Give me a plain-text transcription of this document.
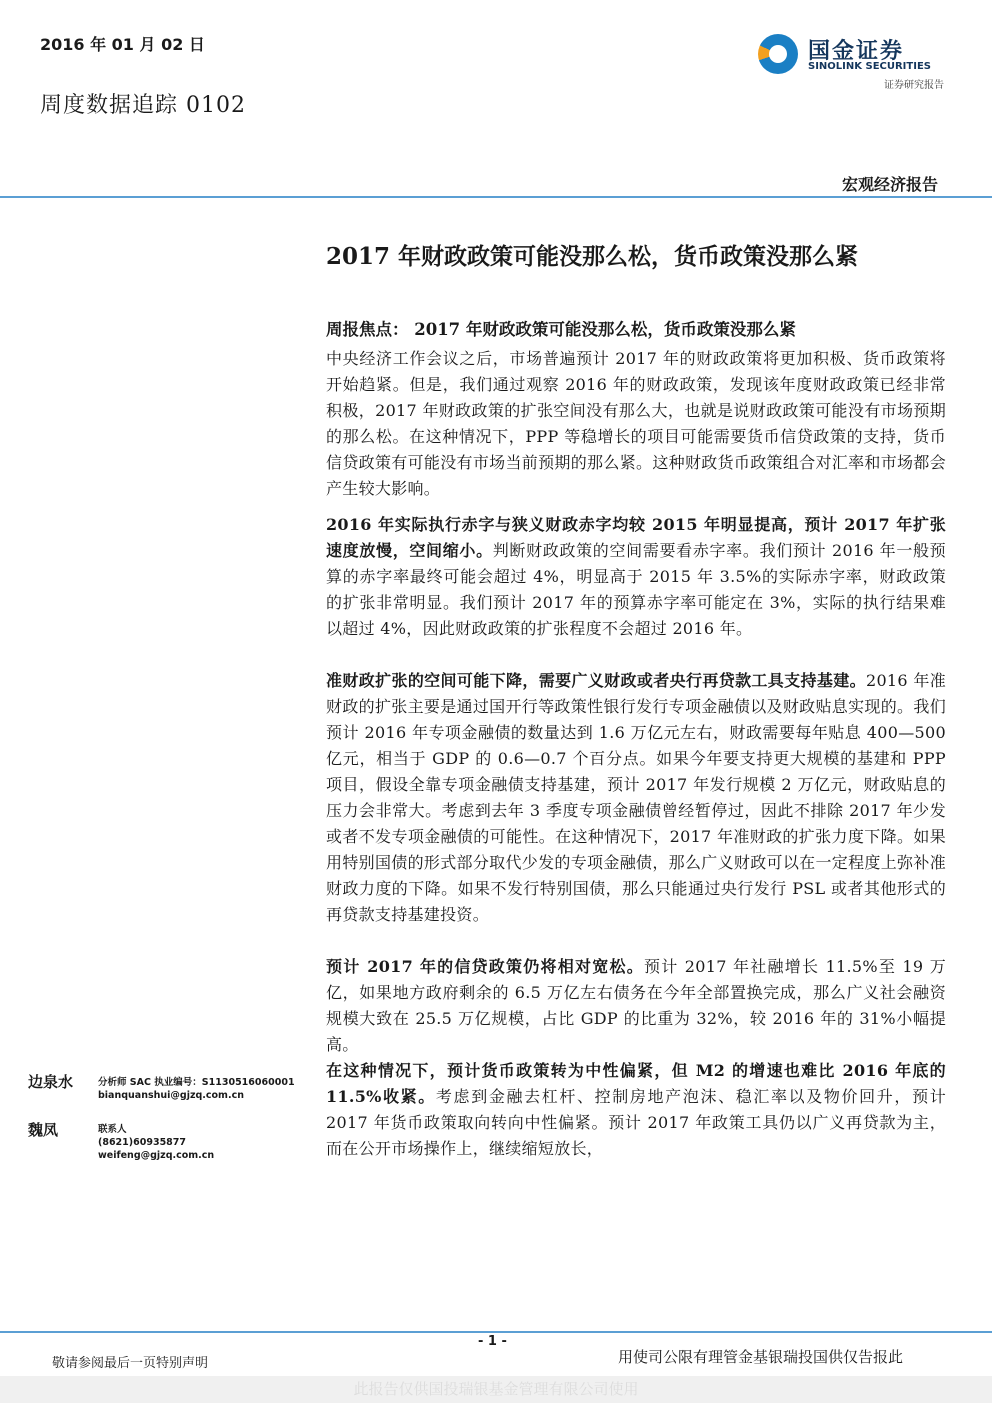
2016 年 01 月 02 日
周度数据追踪 0102
国金证券
SINOLINK SECURITIES
证券研究报告
宏观经济报告
2017 年财政政策可能没那么松，货币政策没那么紧
周报焦点： 2017 年财政政策可能没那么松，货币政策没那么紧

中央经济工作会议之后，市场普遍预计 2017 年的财政政策将更加积极、货币政策将开始趋紧。但是，我们通过观察 2016 年的财政政策，发现该年度财政政策已经非常积极，2017 年财政政策的扩张空间没有那么大，也就是说财政政策可能没有市场预期的那么松。在这种情况下，PPP 等稳增长的项目可能需要货币信贷政策的支持，货币信贷政策有可能没有市场当前预期的那么紧。这种财政货币政策组合对汇率和市场都会产生较大影响。

2016 年实际执行赤字与狭义财政赤字均较 2015 年明显提高，预计 2017 年扩张速度放慢，空间缩小。判断财政政策的空间需要看赤字率。我们预计 2016 年一般预算的赤字率最终可能会超过 4%，明显高于 2015 年 3.5%的实际赤字率，财政政策的扩张非常明显。我们预计 2017 年的预算赤字率可能定在 3%，实际的执行结果难以超过 4%，因此财政政策的扩张程度不会超过 2016 年。

准财政扩张的空间可能下降，需要广义财政或者央行再贷款工具支持基建。2016 年准财政的扩张主要是通过国开行等政策性银行发行专项金融债以及财政贴息实现的。我们预计 2016 年专项金融债的数量达到 1.6 万亿元左右，财政需要每年贴息 400—500 亿元，相当于 GDP 的 0.6—0.7 个百分点。如果今年要支持更大规模的基建和 PPP 项目，假设全靠专项金融债支持基建，预计 2017 年发行规模 2 万亿元，财政贴息的压力会非常大。考虑到去年 3 季度专项金融债曾经暂停过，因此不排除 2017 年少发或者不发专项金融债的可能性。在这种情况下，2017 年准财政的扩张力度下降。如果用特别国债的形式部分取代少发的专项金融债，那么广义财政可以在一定程度上弥补准财政力度的下降。如果不发行特别国债，那么只能通过央行发行 PSL 或者其他形式的再贷款支持基建投资。

预计 2017 年的信贷政策仍将相对宽松。预计 2017 年社融增长 11.5%至 19 万亿，如果地方政府剩余的 6.5 万亿左右债务在今年全部置换完成，那么广义社会融资规模大致在 25.5 万亿规模，占比 GDP 的比重为 32%，较 2016 年的 31%小幅提高。

在这种情况下，预计货币政策转为中性偏紧，但 M2 的增速也难比 2016 年底的 11.5%收紧。考虑到金融去杠杆、控制房地产泡沫、稳汇率以及物价回升，预计 2017 年货币政策取向转向中性偏紧。预计 2017 年政策工具仍以广义再贷款为主，而在公开市场操作上，继续缩短放长，

边泉水	分析师 SAC 执业编号：S1130516060001
bianquanshui@gjzq.com.cn
魏凤	联系人
(8621)60935877
weifeng@gjzq.com.cn
- 1 -
敬请参阅最后一页特别声明	用使司公限有理管金基银瑞投国供仅告报此
此报告仅供国投瑞银基金管理有限公司使用
